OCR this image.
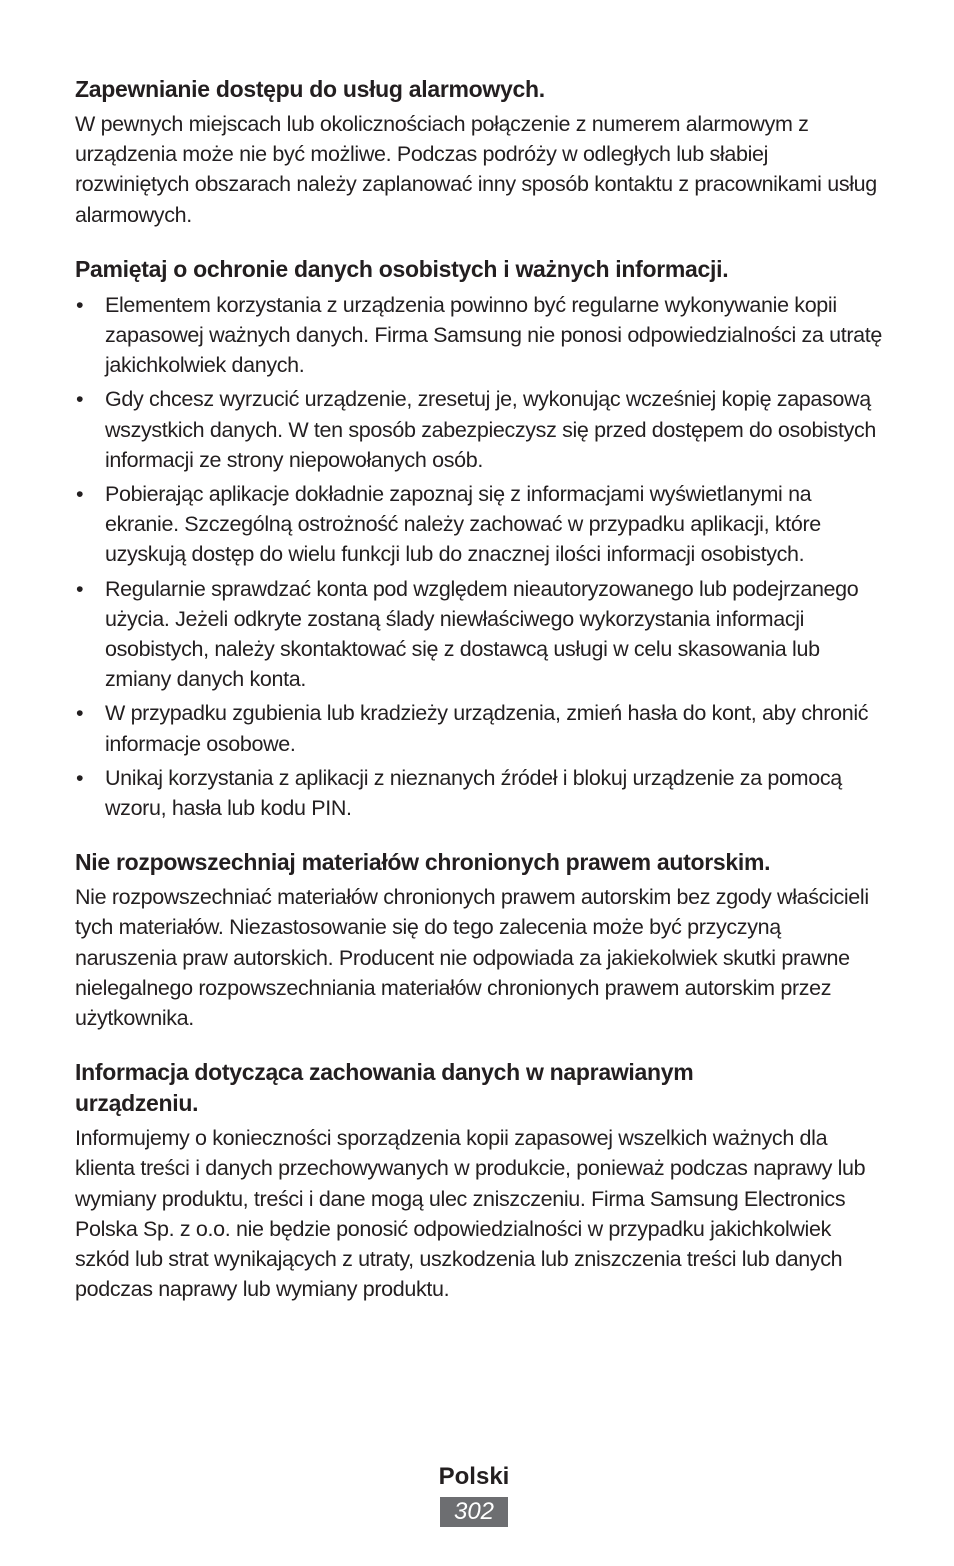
Zapewnianie dostępu do usług alarmowych.

W pewnych miejscach lub okolicznościach połączenie z numerem alarmowym z urządzenia może nie być możliwe. Podczas podróży w odległych lub słabiej rozwiniętych obszarach należy zaplanować inny sposób kontaktu z pracownikami usług alarmowych.

Pamiętaj o ochronie danych osobistych i ważnych informacji.
• Elementem korzystania z urządzenia powinno być regularne wykonywanie kopii zapasowej ważnych danych. Firma Samsung nie ponosi odpowiedzialności za utratę jakichkolwiek danych.
• Gdy chcesz wyrzucić urządzenie, zresetuj je, wykonując wcześniej kopię zapasową wszystkich danych. W ten sposób zabezpieczysz się przed dostępem do osobistych informacji ze strony niepowołanych osób.
• Pobierając aplikacje dokładnie zapoznaj się z informacjami wyświetlanymi na ekranie. Szczególną ostrożność należy zachować w przypadku aplikacji, które uzyskują dostęp do wielu funkcji lub do znacznej ilości informacji osobistych.
• Regularnie sprawdzać konta pod względem nieautoryzowanego lub podejrzanego użycia. Jeżeli odkryte zostaną ślady niewłaściwego wykorzystania informacji osobistych, należy skontaktować się z dostawcą usługi w celu skasowania lub zmiany danych konta.
• W przypadku zgubienia lub kradzieży urządzenia, zmień hasła do kont, aby chronić informacje osobowe.
• Unikaj korzystania z aplikacji z nieznanych źródeł i blokuj urządzenie za pomocą wzoru, hasła lub kodu PIN.
Nie rozpowszechniaj materiałów chronionych prawem autorskim.

Nie rozpowszechniać materiałów chronionych prawem autorskim bez zgody właścicieli tych materiałów. Niezastosowanie się do tego zalecenia może być przyczyną naruszenia praw autorskich. Producent nie odpowiada za jakiekolwiek skutki prawne nielegalnego rozpowszechniania materiałów chronionych prawem autorskim przez użytkownika.

Informacja dotycząca zachowania danych w naprawianym urządzeniu.

Informujemy o konieczności sporządzenia kopii zapasowej wszelkich ważnych dla klienta treści i danych przechowywanych w produkcie, ponieważ podczas naprawy lub wymiany produktu, treści i dane mogą ulec zniszczeniu. Firma Samsung Electronics Polska Sp. z o.o. nie będzie ponosić odpowiedzialności w przypadku jakichkolwiek szkód lub strat wynikających z utraty, uszkodzenia lub zniszczenia treści lub danych podczas naprawy lub wymiany produktu.

Polski
302
